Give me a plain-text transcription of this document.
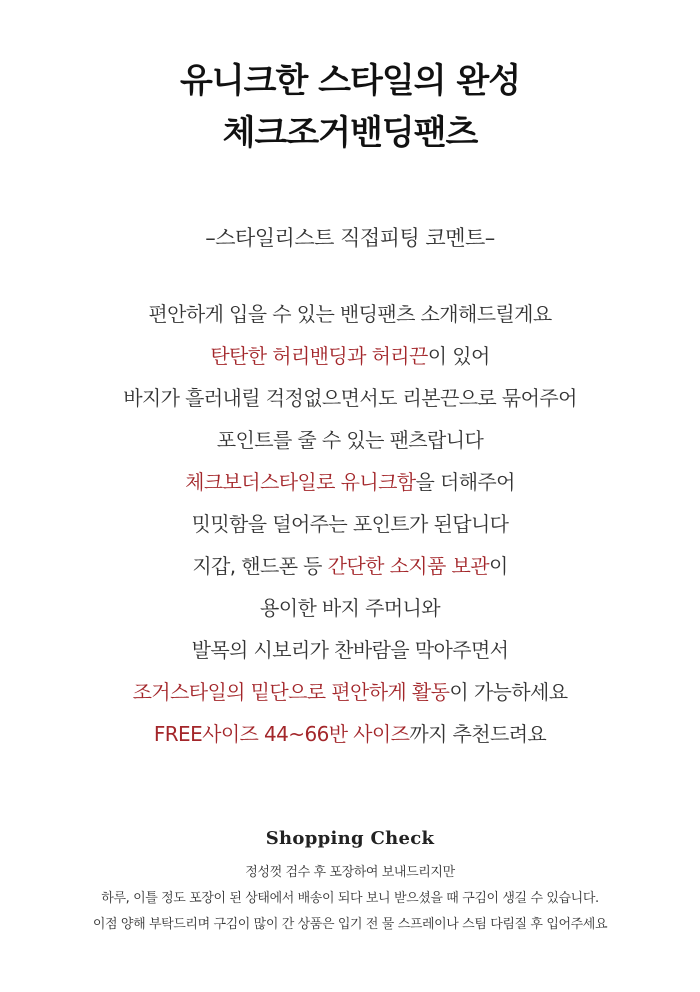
유니크한 스타일의 완성
체크조거밴딩팬츠
–스타일리스트 직접피팅 코멘트–
편안하게 입을 수 있는 밴딩팬츠 소개해드릴게요
탄탄한 허리밴딩과 허리끈이 있어
바지가 흘러내릴 걱정없으면서도 리본끈으로 묶어주어
포인트를 줄 수 있는 팬츠랍니다
체크보더스타일로 유니크함을 더해주어
밋밋함을 덜어주는 포인트가 된답니다
지갑, 핸드폰 등 간단한 소지품 보관이
용이한 바지 주머니와
발목의 시보리가 찬바람을 막아주면서
조거스타일의 밑단으로 편안하게 활동이 가능하세요
FREE사이즈 44~66반 사이즈까지 추천드려요
Shopping Check
정성껏 검수 후 포장하여 보내드리지만
하루, 이틀 정도 포장이 된 상태에서 배송이 되다 보니 받으셨을 때 구김이 생길 수 있습니다.
이점 양해 부탁드리며 구김이 많이 간 상품은 입기 전 물 스프레이나 스팀 다림질 후 입어주세요
